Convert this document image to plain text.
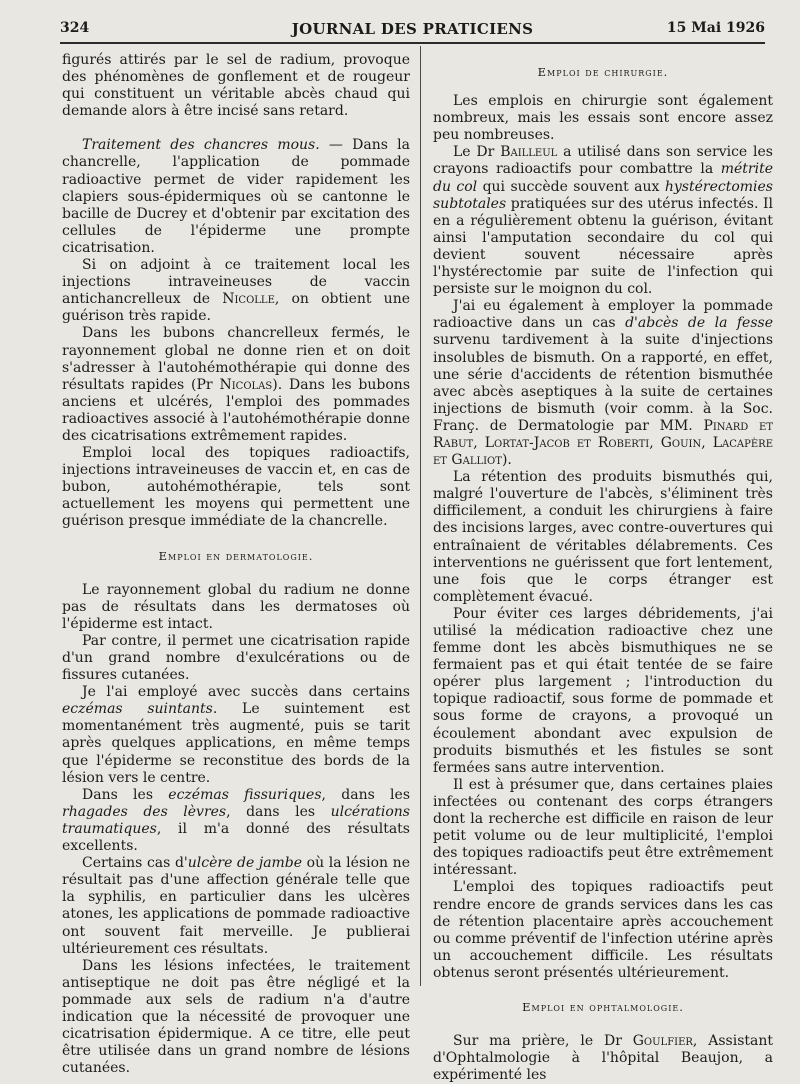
324	JOURNAL DES PRATICIENS	15 Mai 1926

figurés attirés par le sel de radium, provoque des phénomènes de gonflement et de rougeur qui constituent un véritable abcès chaud qui demande alors à être incisé sans retard.

Traitement des chancres mous. — Dans la chancrelle, l'application de pommade radioactive permet de vider rapidement les clapiers sous-épidermiques où se cantonne le bacille de Ducrey et d'obtenir par excitation des cellules de l'épiderme une prompte cicatrisation.

Si on adjoint à ce traitement local les injections intraveineuses de vaccin antichancrelleux de Nicolle, on obtient une guérison très rapide.

Dans les bubons chancrelleux fermés, le rayonnement global ne donne rien et on doit s'adresser à l'autohémothérapie qui donne des résultats rapides (Pr Nicolas). Dans les bubons anciens et ulcérés, l'emploi des pommades radioactives associé à l'autohémothérapie donne des cicatrisations extrêmement rapides.

Emploi local des topiques radioactifs, injections intraveineuses de vaccin et, en cas de bubon, autohémothérapie, tels sont actuellement les moyens qui permettent une guérison presque immédiate de la chancrelle.

Emploi en dermatologie.

Le rayonnement global du radium ne donne pas de résultats dans les dermatoses où l'épiderme est intact.

Par contre, il permet une cicatrisation rapide d'un grand nombre d'exulcérations ou de fissures cutanées.

Je l'ai employé avec succès dans certains eczémas suintants. Le suintement est momentanément très augmenté, puis se tarit après quelques applications, en même temps que l'épiderme se reconstitue des bords de la lésion vers le centre.

Dans les eczémas fissuriques, dans les rhagades des lèvres, dans les ulcérations traumatiques, il m'a donné des résultats excellents.

Certains cas d'ulcère de jambe où la lésion ne résultait pas d'une affection générale telle que la syphilis, en particulier dans les ulcères atones, les applications de pommade radioactive ont souvent fait merveille. Je publierai ultérieurement ces résultats.

Dans les lésions infectées, le traitement antiseptique ne doit pas être négligé et la pommade aux sels de radium n'a d'autre indication que la nécessité de provoquer une cicatrisation épidermique. A ce titre, elle peut être utilisée dans un grand nombre de lésions cutanées.

Emploi de chirurgie.

Les emplois en chirurgie sont également nombreux, mais les essais sont encore assez peu nombreuses.

Le Dr Bailleul a utilisé dans son service les crayons radioactifs pour combattre la métrite du col qui succède souvent aux hystérectomies subtotales pratiquées sur des utérus infectés. Il en a régulièrement obtenu la guérison, évitant ainsi l'amputation secondaire du col qui devient souvent nécessaire après l'hystérectomie par suite de l'infection qui persiste sur le moignon du col.

J'ai eu également à employer la pommade radioactive dans un cas d'abcès de la fesse survenu tardivement à la suite d'injections insolubles de bismuth. On a rapporté, en effet, une série d'accidents de rétention bismuthée avec abcès aseptiques à la suite de certaines injections de bismuth (voir comm. à la Soc. Franç. de Dermatologie par MM. Pinard et Rabut, Lortat-Jacob et Roberti, Gouin, Lacapère et Galliot).

La rétention des produits bismuthés qui, malgré l'ouverture de l'abcès, s'éliminent très difficilement, a conduit les chirurgiens à faire des incisions larges, avec contre-ouvertures qui entraînaient de véritables délabrements. Ces interventions ne guérissent que fort lentement, une fois que le corps étranger est complètement évacué.

Pour éviter ces larges débridements, j'ai utilisé la médication radioactive chez une femme dont les abcès bismuthiques ne se fermaient pas et qui était tentée de se faire opérer plus largement ; l'introduction du topique radioactif, sous forme de pommade et sous forme de crayons, a provoqué un écoulement abondant avec expulsion de produits bismuthés et les fistules se sont fermées sans autre intervention.

Il est à présumer que, dans certaines plaies infectées ou contenant des corps étrangers dont la recherche est difficile en raison de leur petit volume ou de leur multiplicité, l'emploi des topiques radioactifs peut être extrêmement intéressant.

L'emploi des topiques radioactifs peut rendre encore de grands services dans les cas de rétention placentaire après accouchement ou comme préventif de l'infection utérine après un accouchement difficile. Les résultats obtenus seront présentés ultérieurement.

Emploi en ophtalmologie.

Sur ma prière, le Dr Goulfier, Assistant d'Ophtalmologie à l'hôpital Beaujon, a expérimenté les
